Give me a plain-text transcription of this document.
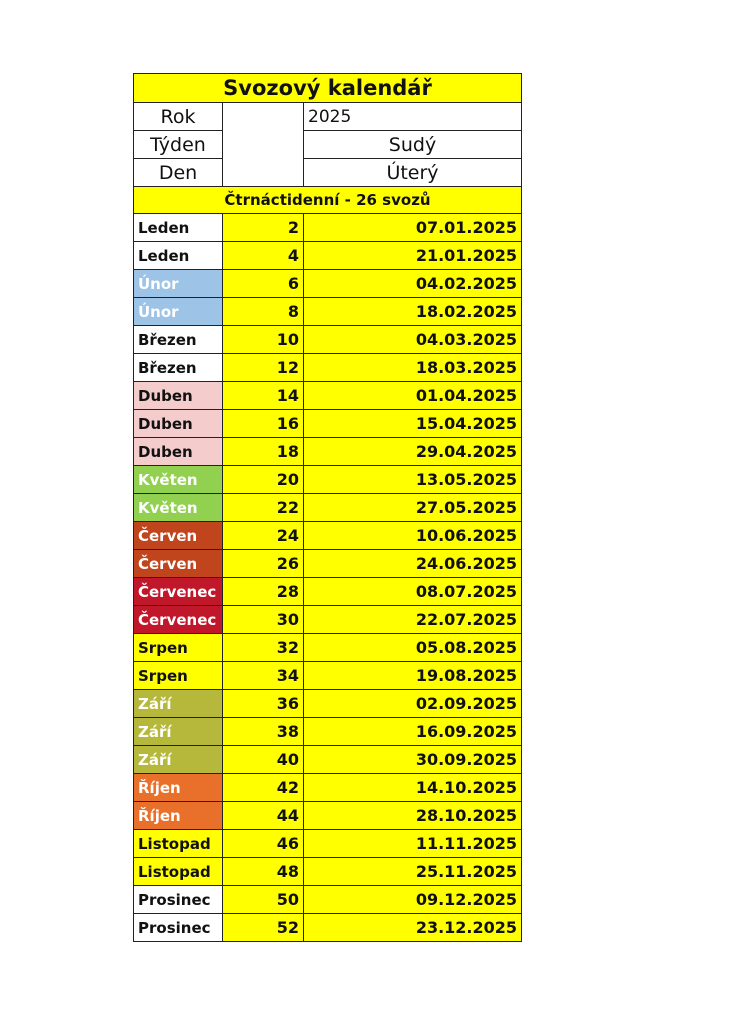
Svozový kalendář		
Rok		2025
Týden		Sudý
Den		Úterý
Čtrnáctidenní - 26 svozů		
Leden	2	07.01.2025
Leden	4	21.01.2025
Únor	6	04.02.2025
Únor	8	18.02.2025
Březen	10	04.03.2025
Březen	12	18.03.2025
Duben	14	01.04.2025
Duben	16	15.04.2025
Duben	18	29.04.2025
Květen	20	13.05.2025
Květen	22	27.05.2025
Červen	24	10.06.2025
Červen	26	24.06.2025
Červenec	28	08.07.2025
Červenec	30	22.07.2025
Srpen	32	05.08.2025
Srpen	34	19.08.2025
Září	36	02.09.2025
Září	38	16.09.2025
Září	40	30.09.2025
Říjen	42	14.10.2025
Říjen	44	28.10.2025
Listopad	46	11.11.2025
Listopad	48	25.11.2025
Prosinec	50	09.12.2025
Prosinec	52	23.12.2025
